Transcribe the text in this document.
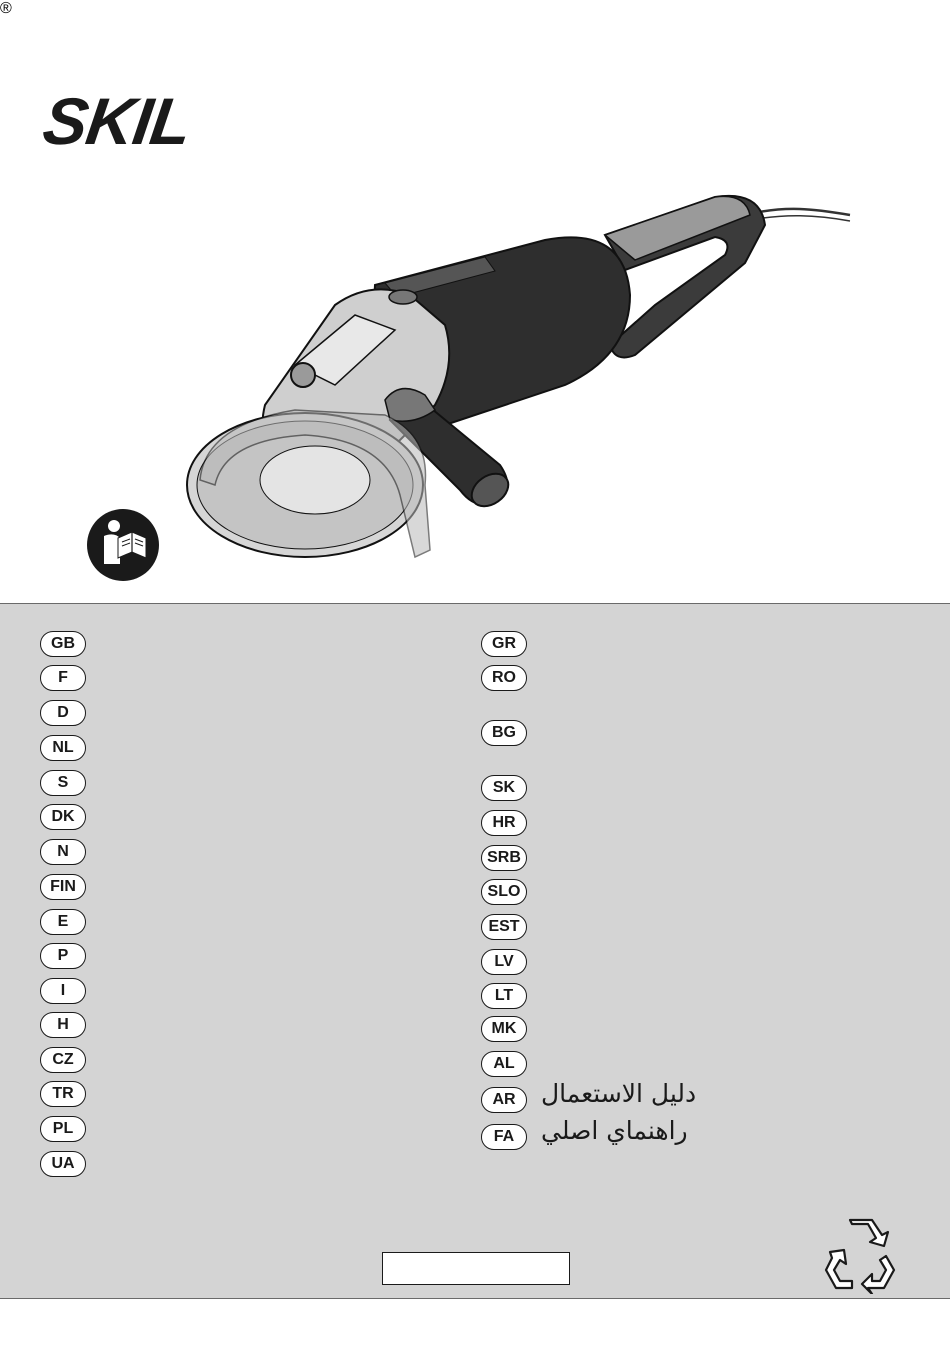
SKIL
®
GB
F
D
NL
S
DK
N
FIN
E
P
I
H
CZ
TR
PL
UA
GR
RO
BG
SK
HR
SRB
SLO
EST
LV
LT
MK
AL
AR	دليل الاستعمال
FA	راهنماي اصلي
